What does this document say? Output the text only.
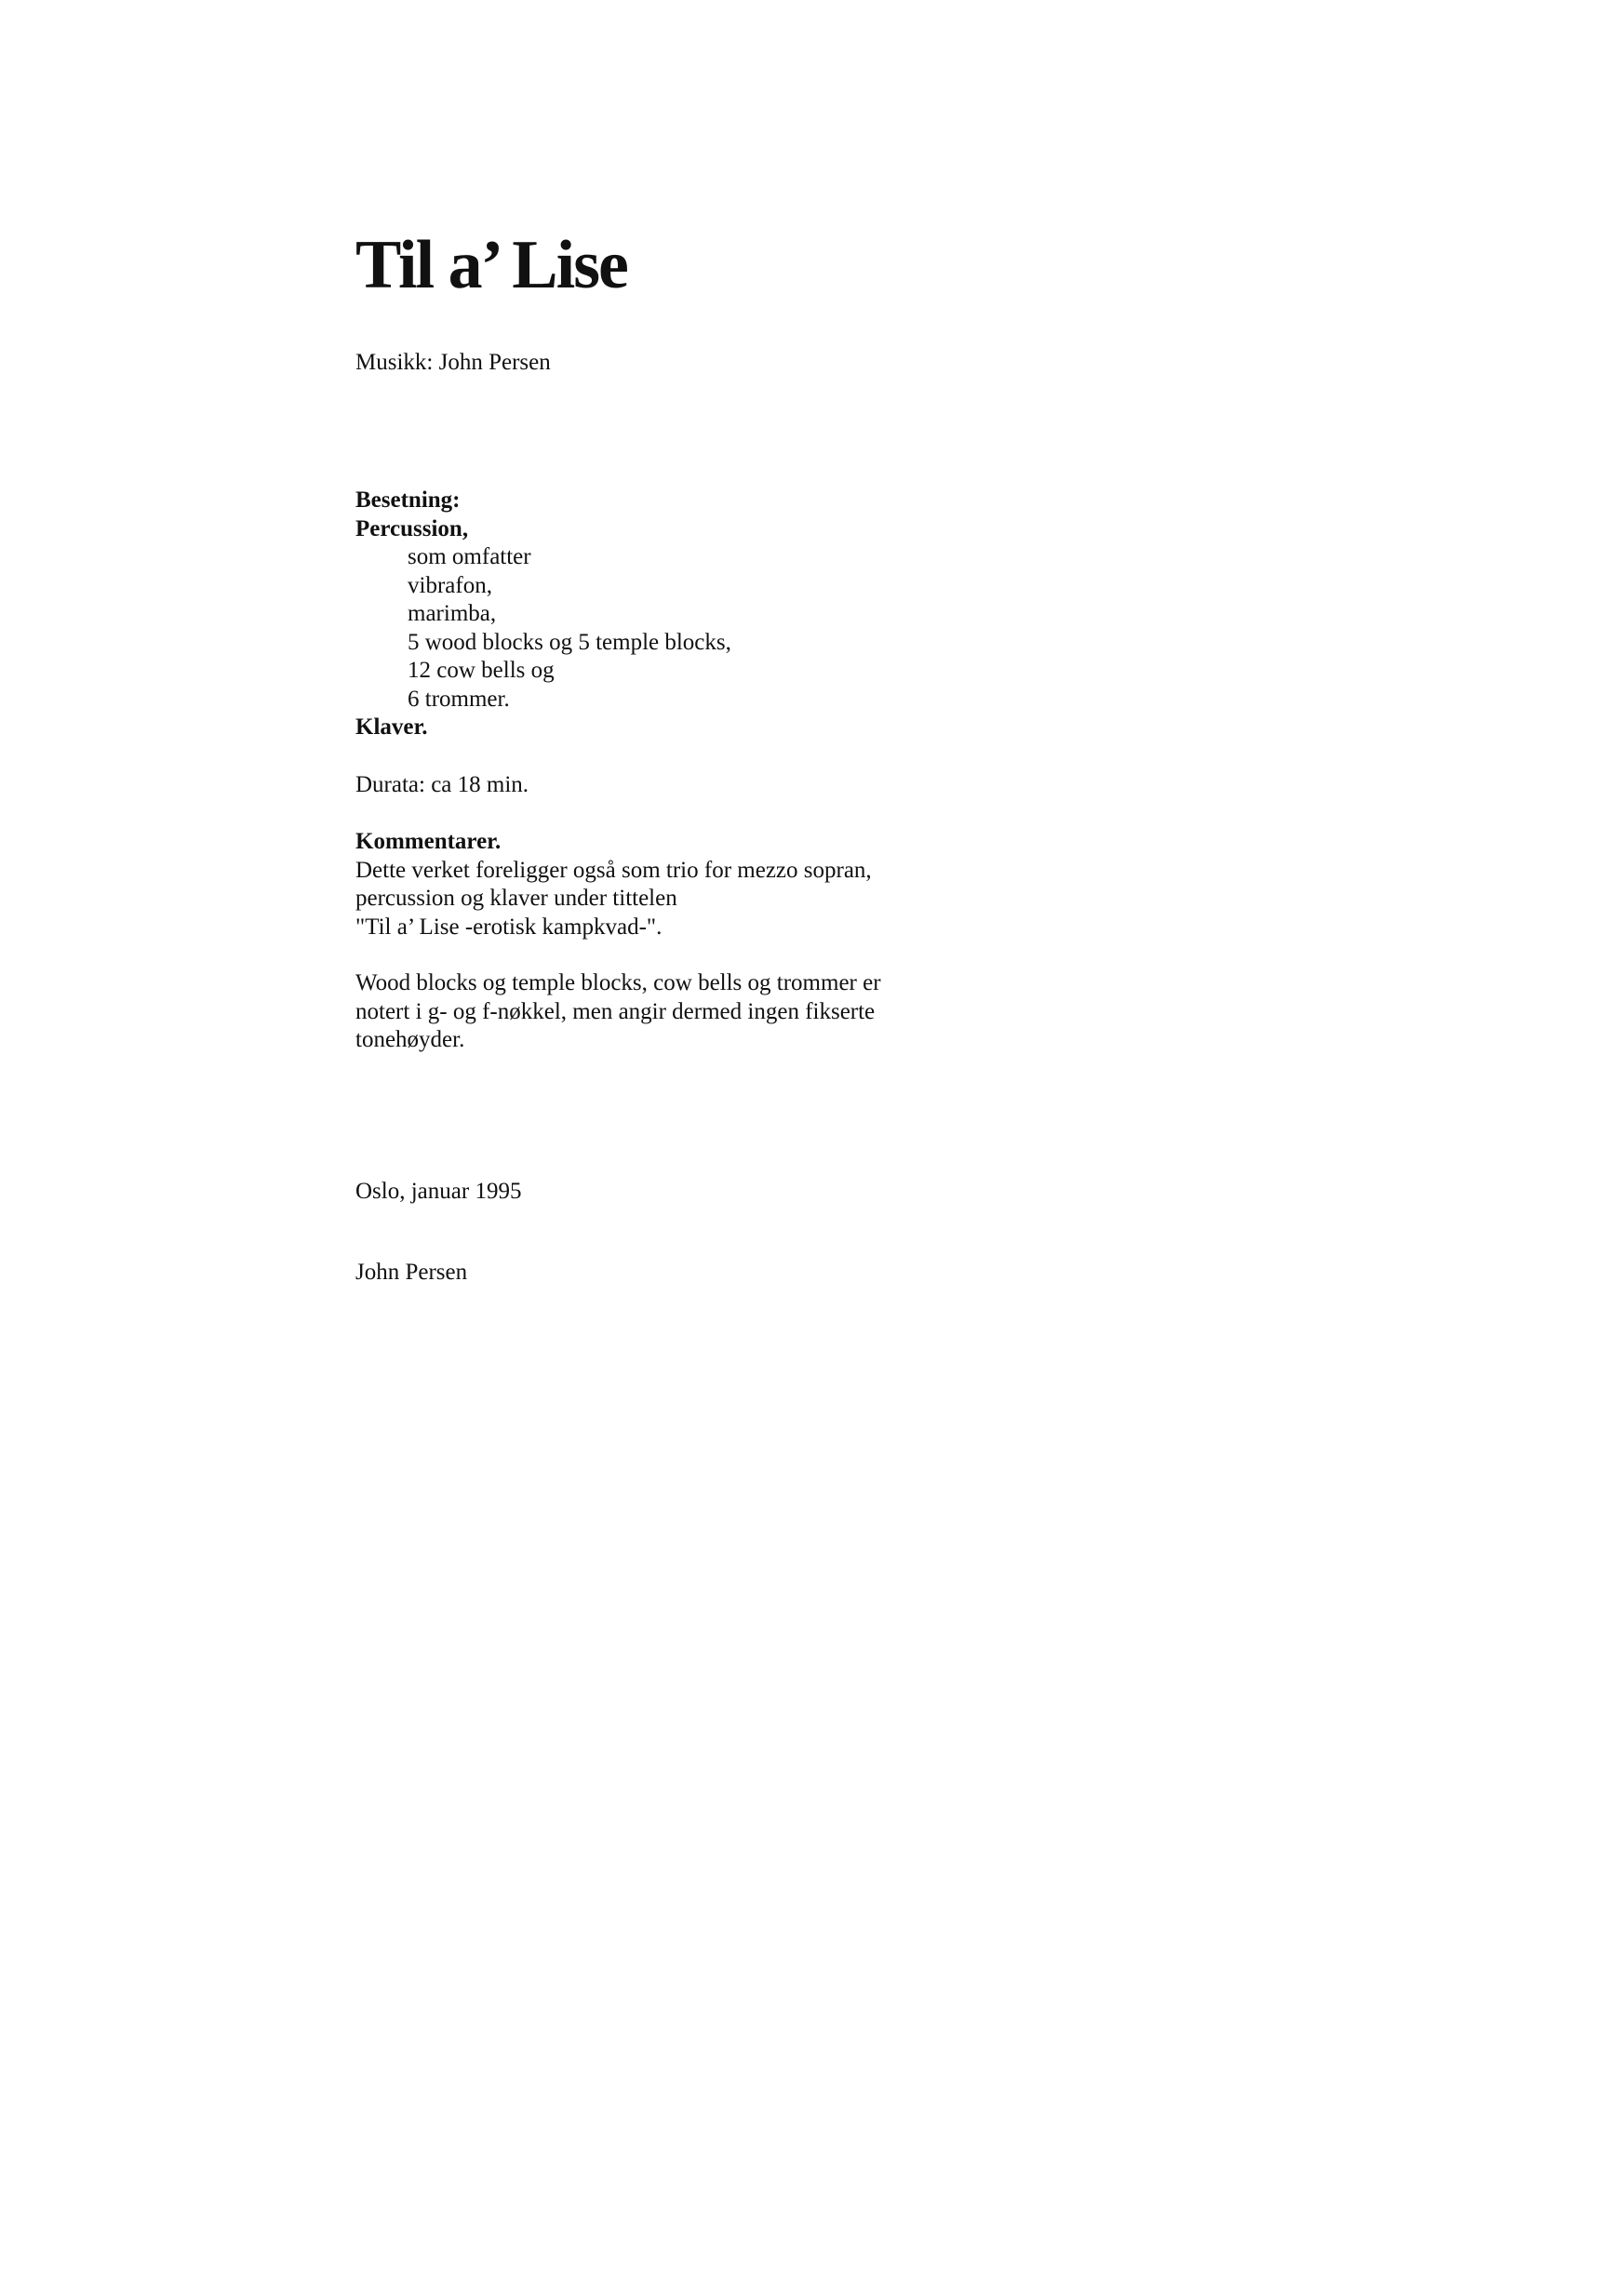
Til a’ Lise
Musikk: John Persen
Besetning:
Percussion,
som omfatter
vibrafon,
marimba,
5 wood blocks og 5 temple blocks,
12 cow bells og
6 trommer.
Klaver.
Durata: ca 18 min.
Kommentarer.
Dette verket foreligger også som trio for mezzo sopran,
percussion og klaver under tittelen
"Til a’ Lise -erotisk kampkvad-".
Wood blocks og temple blocks, cow bells og trommer er
notert i g- og f-nøkkel, men angir dermed ingen fikserte
tonehøyder.
Oslo, januar 1995
John Persen
